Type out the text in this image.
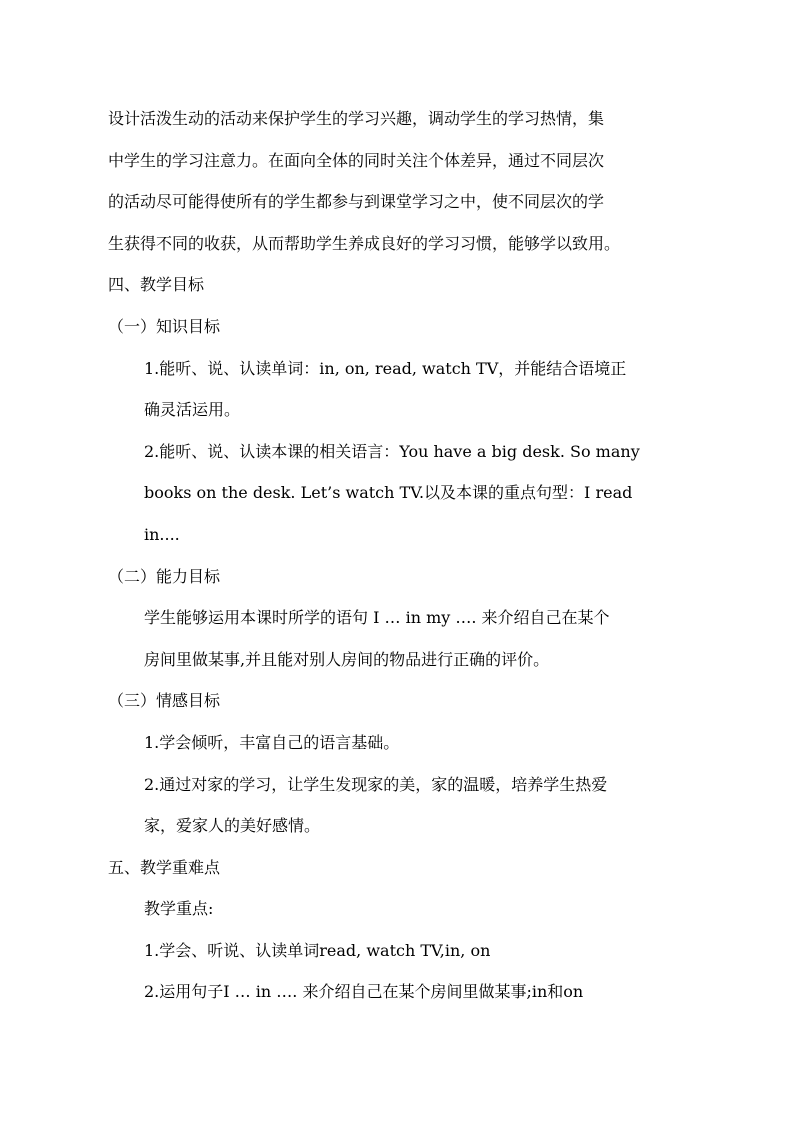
设计活泼生动的活动来保护学生的学习兴趣，调动学生的学习热情，集
中学生的学习注意力。在面向全体的同时关注个体差异，通过不同层次
的活动尽可能得使所有的学生都参与到课堂学习之中，使不同层次的学
生获得不同的收获，从而帮助学生养成良好的学习习惯，能够学以致用。
四、教学目标
（一）知识目标
1.能听、说、认读单词：in, on, read, watch TV，并能结合语境正
确灵活运用。
2.能听、说、认读本课的相关语言：You have a big desk. So many
books on the desk. Let’s watch TV.以及本课的重点句型：I read
in....
（二）能力目标
学生能够运用本课时所学的语句 I … in my …. 来介绍自己在某个
房间里做某事,并且能对别人房间的物品进行正确的评价。
（三）情感目标
1.学会倾听，丰富自己的语言基础。
2.通过对家的学习，让学生发现家的美，家的温暖，培养学生热爱
家，爱家人的美好感情。
五、教学重难点
教学重点:
1.学会、听说、认读单词read, watch TV,in, on
2.运用句子I … in …. 来介绍自己在某个房间里做某事;in和on
